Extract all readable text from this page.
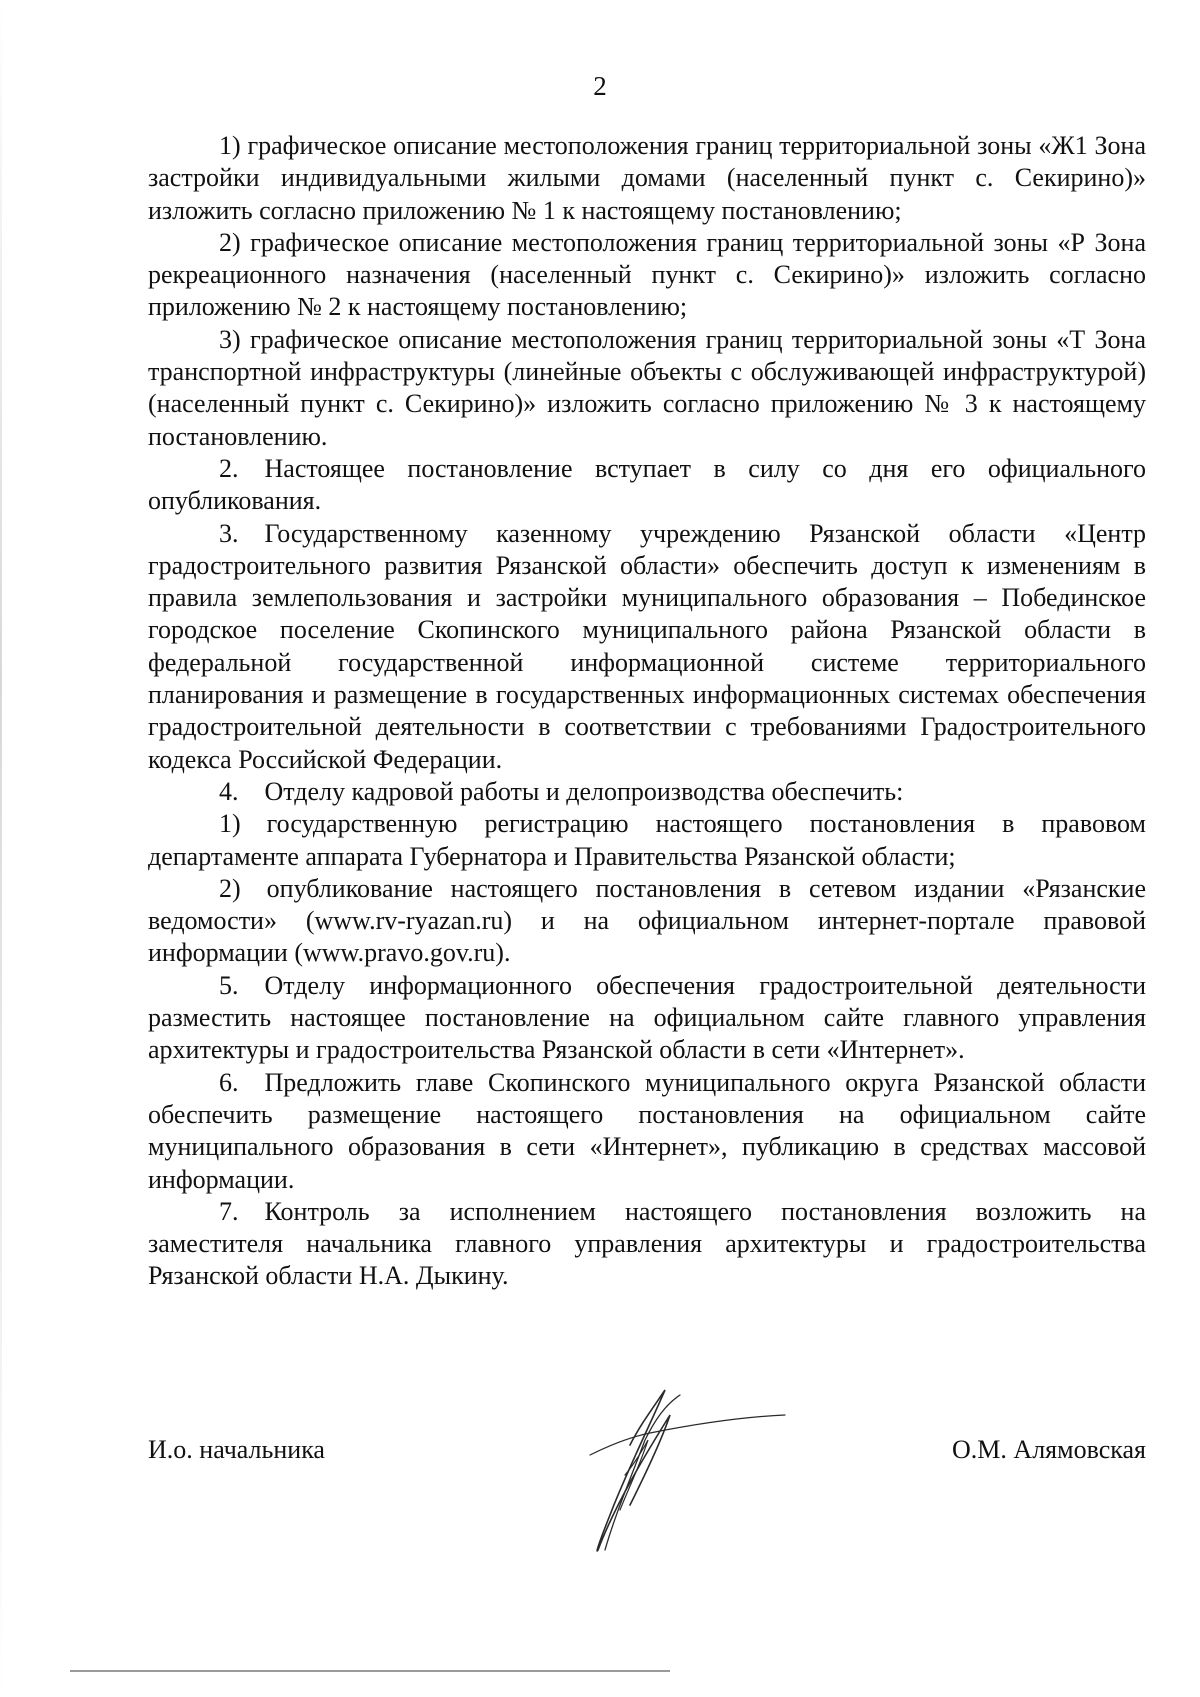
2

1) графическое описание местоположения границ территориальной зоны «Ж1 Зона застройки индивидуальными жилыми домами (населенный пункт с. Секирино)» изложить согласно приложению № 1 к настоящему постановлению;

2) графическое описание местоположения границ территориальной зоны «Р Зона рекреационного назначения (населенный пункт с. Секирино)» изложить согласно приложению № 2 к настоящему постановлению;

3) графическое описание местоположения границ территориальной зоны «Т Зона транспортной инфраструктуры (линейные объекты с обслуживающей инфраструктурой) (населенный пункт с. Секирино)» изложить согласно приложению № 3 к настоящему постановлению.

2. Настоящее постановление вступает в силу со дня его официального опубликования.

3. Государственному казенному учреждению Рязанской области «Центр градостроительного развития Рязанской области» обеспечить доступ к изменениям в правила землепользования и застройки муниципального образования – Побединское городское поселение Скопинского муниципального района Рязанской области в федеральной государственной информационной системе территориального планирования и размещение в государственных информационных системах обеспечения градостроительной деятельности в соответствии с требованиями Градостроительного кодекса Российской Федерации.

4. Отделу кадровой работы и делопроизводства обеспечить:

1) государственную регистрацию настоящего постановления в правовом департаменте аппарата Губернатора и Правительства Рязанской области;

2) опубликование настоящего постановления в сетевом издании «Рязанские ведомости» (www.rv-ryazan.ru) и на официальном интернет-портале правовой информации (www.pravo.gov.ru).

5. Отделу информационного обеспечения градостроительной деятельности разместить настоящее постановление на официальном сайте главного управления архитектуры и градостроительства Рязанской области в сети «Интернет».

6. Предложить главе Скопинского муниципального округа Рязанской области обеспечить размещение настоящего постановления на официальном сайте муниципального образования в сети «Интернет», публикацию в средствах массовой информации.

7. Контроль за исполнением настоящего постановления возложить на заместителя начальника главного управления архитектуры и градостроительства Рязанской области Н.А. Дыкину.

И.о. начальника	О.М. Алямовская
